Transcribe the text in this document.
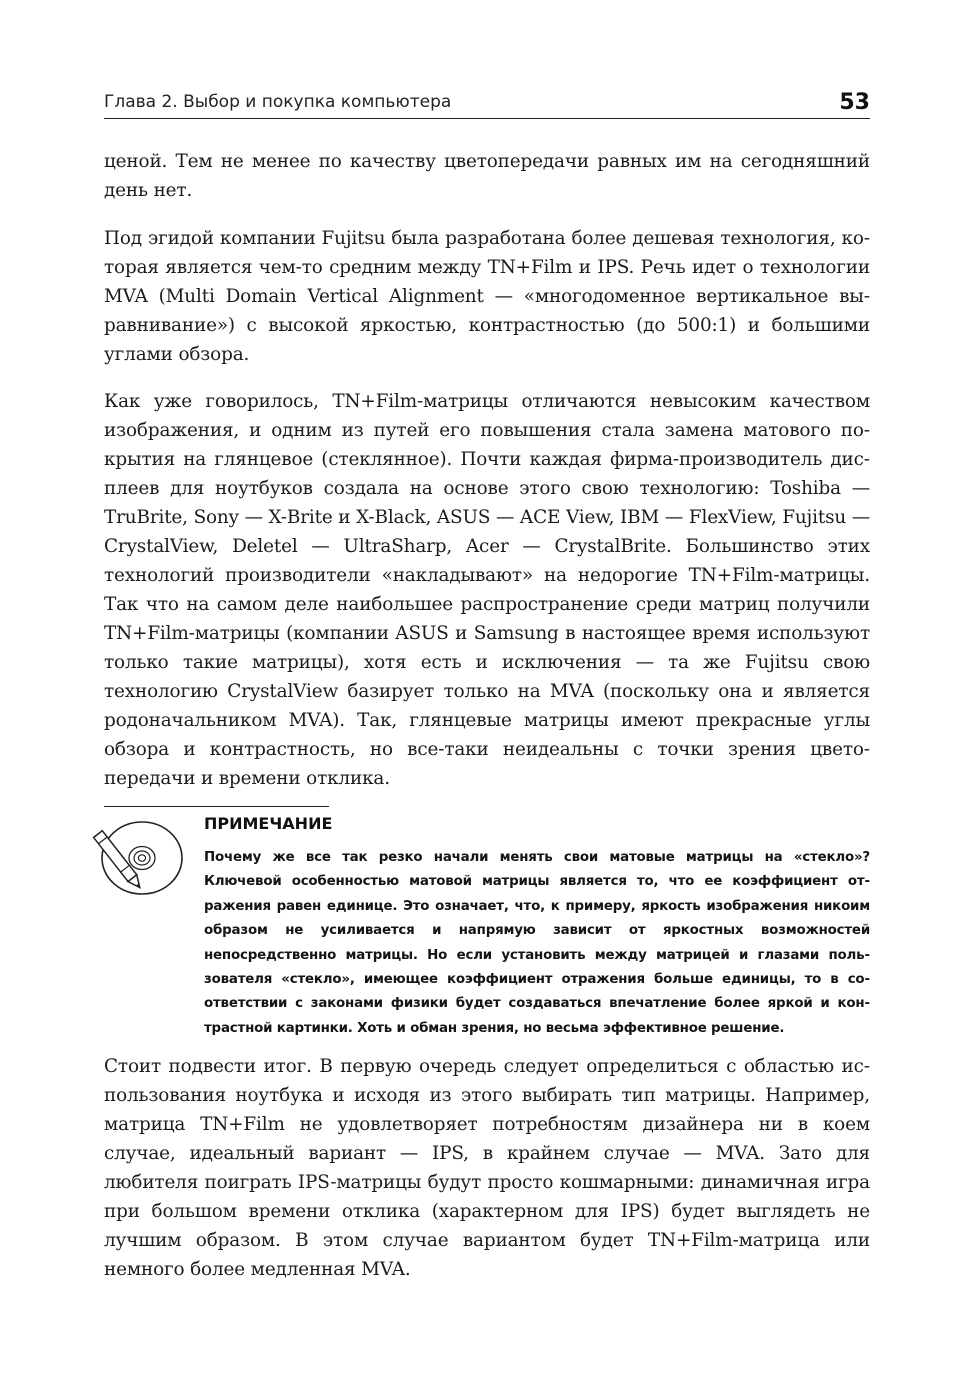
Глава 2. Выбор и покупка компьютера	53

ценой. Тем не менее по качеству цветопередачи равных им на сегодняшний день нет.

Под эгидой компании Fujitsu была разработана более дешевая технология, которая является чем-то средним между TN+Film и IPS. Речь идет о технологии MVA (Multi Domain Vertical Alignment — «многодоменное вертикальное выравнивание») с высокой яркостью, контрастностью (до 500:1) и большими углами обзора.

Как уже говорилось, TN+Film-матрицы отличаются невысоким качеством изображения, и одним из путей его повышения стала замена матового покрытия на глянцевое (стеклянное). Почти каждая фирма-производитель дисплеев для ноутбуков создала на основе этого свою технологию: Toshiba — TruBrite, Sony — X-Brite и X-Black, ASUS — ACE View, IBM — FlexView, Fujitsu — CrystalView, Deletel — UltraSharp, Acer — CrystalBrite. Большинство этих технологий производители «накладывают» на недорогие TN+Film-матрицы. Так что на самом деле наибольшее распространение среди матриц получили TN+Film-матрицы (компании ASUS и Samsung в настоящее время используют только такие матрицы), хотя есть и исключения — та же Fujitsu свою технологию CrystalView базирует только на MVA (поскольку она и является родоначальником MVA). Так, глянцевые матрицы имеют прекрасные углы обзора и контрастность, но все-таки неидеальны с точки зрения цветопередачи и времени отклика.

ПРИМЕЧАНИЕ

Почему же все так резко начали менять свои матовые матрицы на «стекло»? Ключевой особенностью матовой матрицы является то, что ее коэффициент отражения равен единице. Это означает, что, к примеру, яркость изображения никоим образом не усиливается и напрямую зависит от яркостных возможностей непосредственно матрицы. Но если установить между матрицей и глазами пользователя «стекло», имеющее коэффициент отражения больше единицы, то в соответствии с законами физики будет создаваться впечатление более яркой и контрастной картинки. Хоть и обман зрения, но весьма эффективное решение.

Стоит подвести итог. В первую очередь следует определиться с областью использования ноутбука и исходя из этого выбирать тип матрицы. Например, матрица TN+Film не удовлетворяет потребностям дизайнера ни в коем случае, идеальный вариант — IPS, в крайнем случае — MVA. Зато для любителя поиграть IPS-матрицы будут просто кошмарными: динамичная игра при большом времени отклика (характерном для IPS) будет выглядеть не лучшим образом. В этом случае вариантом будет TN+Film-матрица или немного более медленная MVA.
